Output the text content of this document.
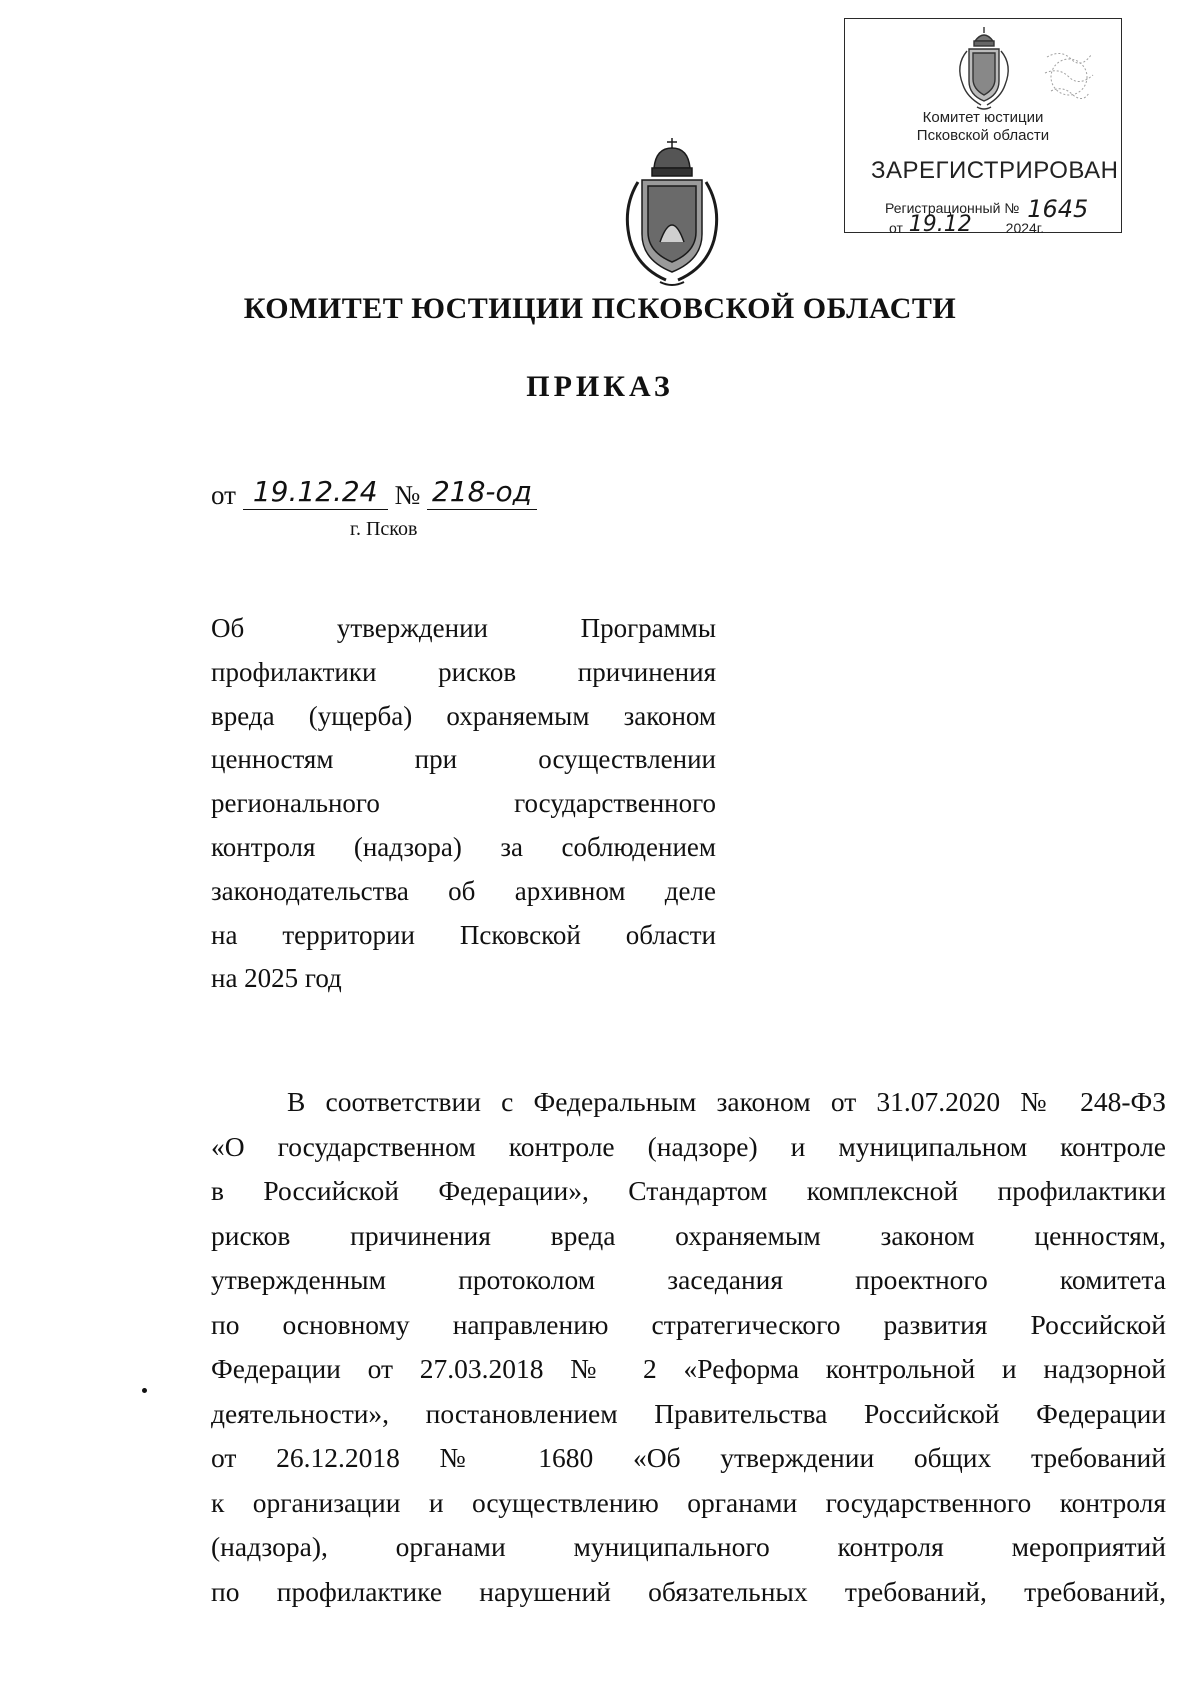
Комитет юстиции
Псковской области
ЗАРЕГИСТРИРОВАН
Регистрационный № 1645
от 19.12 2024г.
КОМИТЕТ ЮСТИЦИИ ПСКОВСКОЙ ОБЛАСТИ
ПРИКАЗ
от 19.12.24 № 218-од
г. Псков
Об утверждении Программы
профилактики рисков причинения
вреда (ущерба) охраняемым законом
ценностям при осуществлении
регионального государственного
контроля (надзора) за соблюдением
законодательства об архивном деле
на территории Псковской области
на 2025 год
В соответствии с Федеральным законом от 31.07.2020 № 248-ФЗ
«О государственном контроле (надзоре) и муниципальном контроле
в Российской Федерации», Стандартом комплексной профилактики
рисков причинения вреда охраняемым законом ценностям,
утвержденным протоколом заседания проектного комитета
по основному направлению стратегического развития Российской
Федерации от 27.03.2018 № 2 «Реформа контрольной и надзорной
деятельности», постановлением Правительства Российской Федерации
от 26.12.2018 № 1680 «Об утверждении общих требований
к организации и осуществлению органами государственного контроля
(надзора), органами муниципального контроля мероприятий
по профилактике нарушений обязательных требований, требований,
